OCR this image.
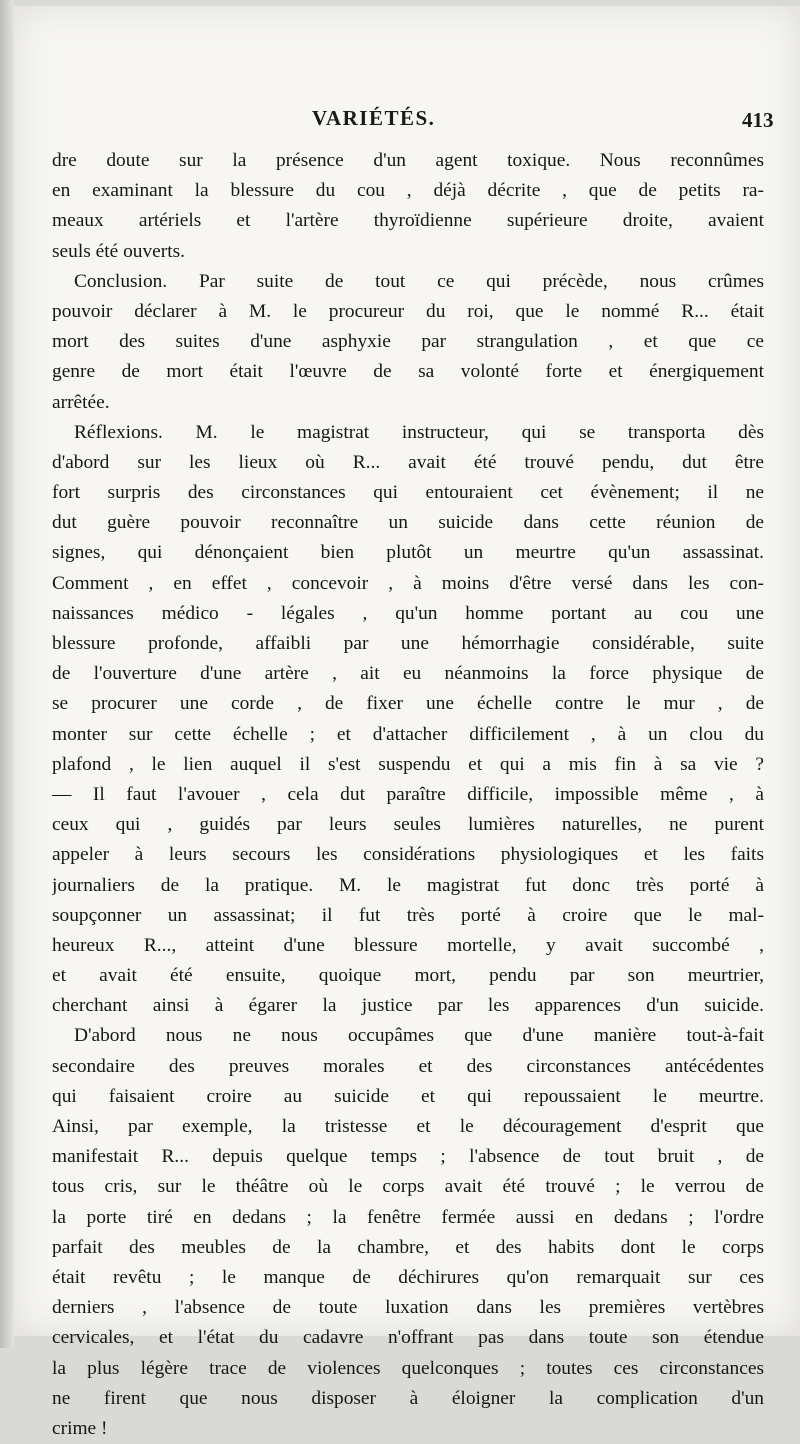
VARIÉTÉS.	413
dre doute sur la présence d'un agent toxique. Nous reconnûmes
en examinant la blessure du cou , déjà décrite , que de petits ra-
meaux artériels et l'artère thyroïdienne supérieure droite, avaient
seuls été ouverts.
Conclusion. Par suite de tout ce qui précède, nous crûmes
pouvoir déclarer à M. le procureur du roi, que le nommé R... était
mort des suites d'une asphyxie par strangulation , et que ce
genre de mort était l'œuvre de sa volonté forte et énergiquement
arrêtée.
Réflexions. M. le magistrat instructeur, qui se transporta dès
d'abord sur les lieux où R... avait été trouvé pendu, dut être
fort surpris des circonstances qui entouraient cet évènement; il ne
dut guère pouvoir reconnaître un suicide dans cette réunion de
signes, qui dénonçaient bien plutôt un meurtre qu'un assassinat.
Comment , en effet , concevoir , à moins d'être versé dans les con-
naissances médico - légales , qu'un homme portant au cou une
blessure profonde, affaibli par une hémorrhagie considérable, suite
de l'ouverture d'une artère , ait eu néanmoins la force physique de
se procurer une corde , de fixer une échelle contre le mur , de
monter sur cette échelle ; et d'attacher difficilement , à un clou du
plafond , le lien auquel il s'est suspendu et qui a mis fin à sa vie ?
— Il faut l'avouer , cela dut paraître difficile, impossible même , à
ceux qui , guidés par leurs seules lumières naturelles, ne purent
appeler à leurs secours les considérations physiologiques et les faits
journaliers de la pratique. M. le magistrat fut donc très porté à
soupçonner un assassinat; il fut très porté à croire que le mal-
heureux R..., atteint d'une blessure mortelle, y avait succombé ,
et avait été ensuite, quoique mort, pendu par son meurtrier,
cherchant ainsi à égarer la justice par les apparences d'un suicide.
D'abord nous ne nous occupâmes que d'une manière tout-à-fait
secondaire des preuves morales et des circonstances antécédentes
qui faisaient croire au suicide et qui repoussaient le meurtre.
Ainsi, par exemple, la tristesse et le découragement d'esprit que
manifestait R... depuis quelque temps ; l'absence de tout bruit , de
tous cris, sur le théâtre où le corps avait été trouvé ; le verrou de
la porte tiré en dedans ; la fenêtre fermée aussi en dedans ; l'ordre
parfait des meubles de la chambre, et des habits dont le corps
était revêtu ; le manque de déchirures qu'on remarquait sur ces
derniers , l'absence de toute luxation dans les premières vertèbres
cervicales, et l'état du cadavre n'offrant pas dans toute son étendue
la plus légère trace de violences quelconques ; toutes ces circonstances
ne firent que nous disposer à éloigner la complication d'un
crime !
